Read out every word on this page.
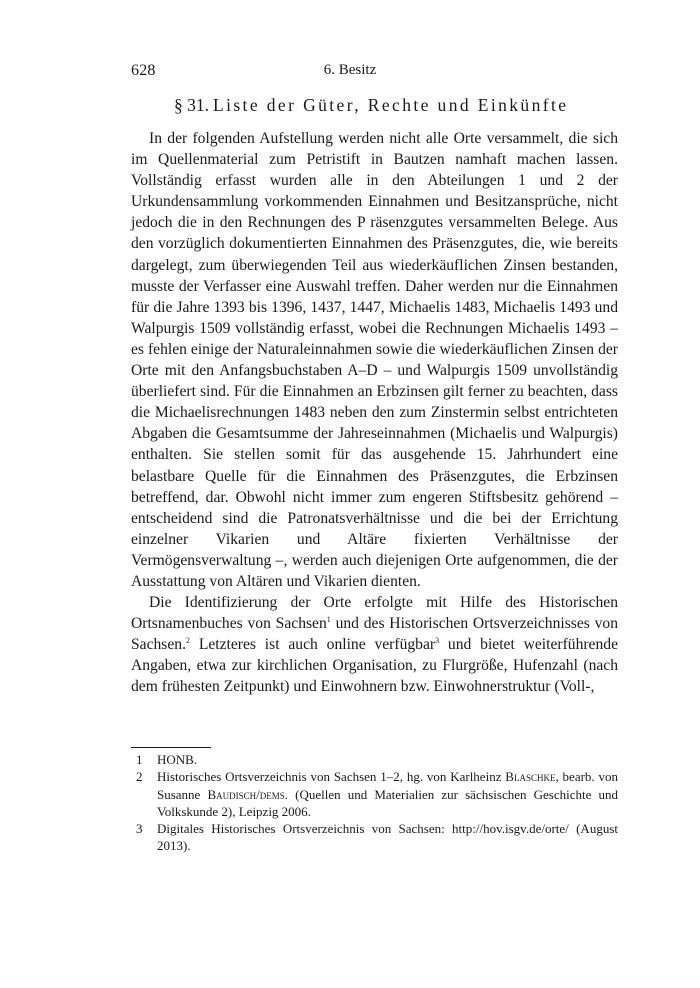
628	6. Besitz
§ 31. Liste der Güter, Rechte und Einkünfte

In der folgenden Aufstellung werden nicht alle Orte versammelt, die sich im Quellenmaterial zum Petristift in Bautzen namhaft machen lassen. Vollständig erfasst wurden alle in den Abteilungen 1 und 2 der Urkundensammlung vorkommenden Einnahmen und Besitzansprüche, nicht jedoch die in den Rechnungen des P räsenzgutes versammelten Belege. Aus den vorzüglich dokumentierten Einnahmen des Präsenzgutes, die, wie bereits dargelegt, zum überwiegenden Teil aus wiederkäuflichen Zinsen bestanden, musste der Verfasser eine Auswahl treffen. Daher werden nur die Einnahmen für die Jahre 1393 bis 1396, 1437, 1447, Michaelis 1483, Michaelis 1493 und Walpurgis 1509 vollständig erfasst, wobei die Rechnungen Michaelis 1493 – es fehlen einige der Naturaleinnahmen sowie die wiederkäuflichen Zinsen der Orte mit den Anfangsbuchstaben A–D – und Walpurgis 1509 unvollständig überliefert sind. Für die Einnahmen an Erbzinsen gilt ferner zu beachten, dass die Michaelisrechnungen 1483 neben den zum Zinstermin selbst entrichteten Abgaben die Gesamtsumme der Jahreseinnahmen (Michaelis und Walpurgis) enthalten. Sie stellen somit für das ausgehende 15. Jahrhundert eine belastbare Quelle für die Einnahmen des Präsenzgutes, die Erbzinsen betreffend, dar. Obwohl nicht immer zum engeren Stiftsbesitz gehörend – entscheidend sind die Patronatsverhältnisse und die bei der Errichtung einzelner Vikarien und Altäre fixierten Verhältnisse der Vermögensverwaltung –, werden auch diejenigen Orte aufgenommen, die der Ausstattung von Altären und Vikarien dienten.

Die Identifizierung der Orte erfolgte mit Hilfe des Historischen Ortsnamenbuches von Sachsen$^1$ und des Historischen Ortsverzeichnisses von Sachsen.$^2$ Letzteres ist auch online verfügbar$^3$ und bietet weiterführende Angaben, etwa zur kirchlichen Organisation, zu Flurgröße, Hufenzahl (nach dem frühesten Zeitpunkt) und Einwohnern bzw. Einwohnerstruktur (Voll-,

1 HONB.
2 Historisches Ortsverzeichnis von Sachsen 1–2, hg. von Karlheinz Blaschke, bearb. von Susanne Baudisch/dems. (Quellen und Materialien zur sächsischen Geschichte und Volkskunde 2), Leipzig 2006.
3 Digitales Historisches Ortsverzeichnis von Sachsen: http://hov.isgv.de/orte/ (August 2013).
